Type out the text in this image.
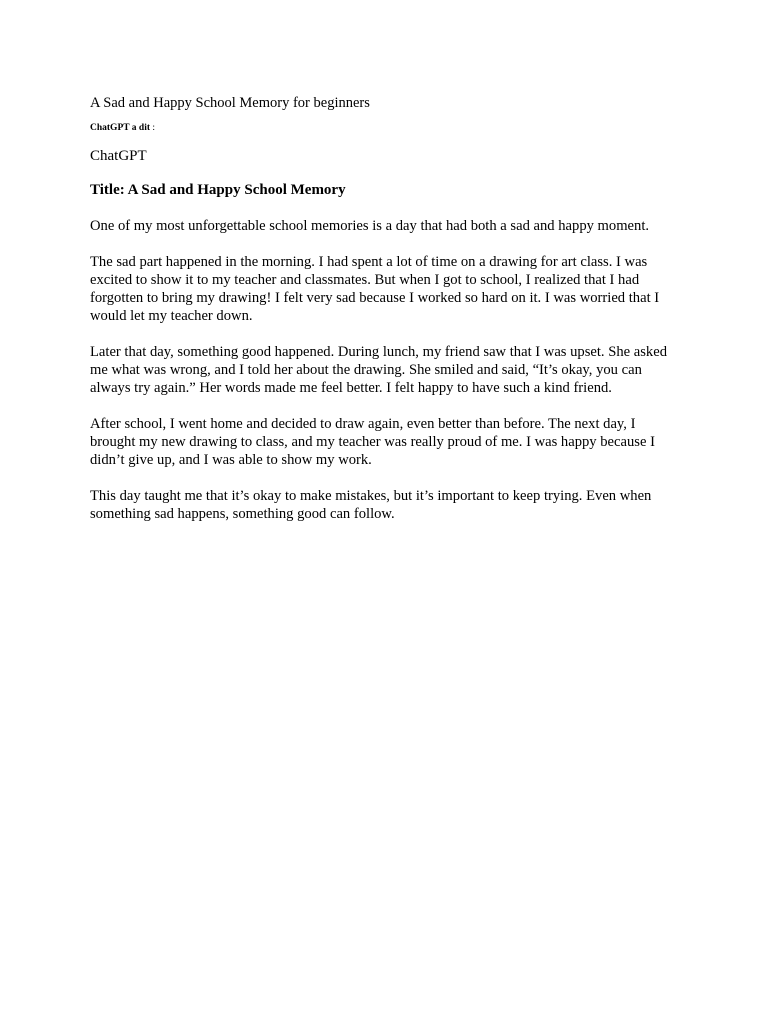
A Sad and Happy School Memory for beginners

ChatGPT a dit :

ChatGPT

Title: A Sad and Happy School Memory

One of my most unforgettable school memories is a day that had both a sad and happy moment.

The sad part happened in the morning. I had spent a lot of time on a drawing for art class. I was excited to show it to my teacher and classmates. But when I got to school, I realized that I had forgotten to bring my drawing! I felt very sad because I worked so hard on it. I was worried that I would let my teacher down.

Later that day, something good happened. During lunch, my friend saw that I was upset. She asked me what was wrong, and I told her about the drawing. She smiled and said, “It’s okay, you can always try again.” Her words made me feel better. I felt happy to have such a kind friend.

After school, I went home and decided to draw again, even better than before. The next day, I brought my new drawing to class, and my teacher was really proud of me. I was happy because I didn’t give up, and I was able to show my work.

This day taught me that it’s okay to make mistakes, but it’s important to keep trying. Even when something sad happens, something good can follow.
